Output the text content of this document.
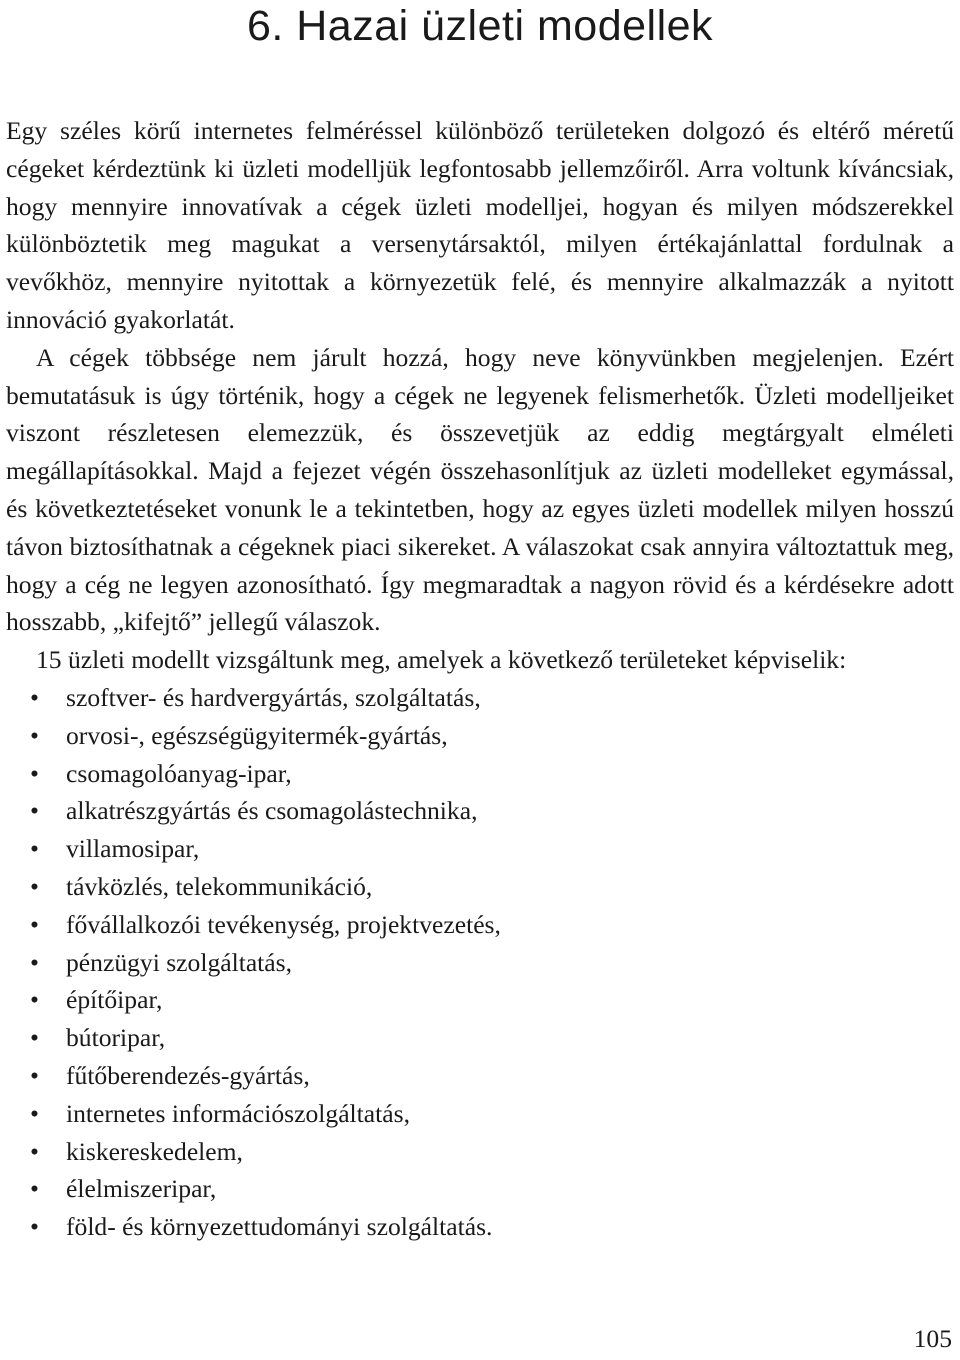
6. Hazai üzleti modellek

Egy széles körű internetes felméréssel különböző területeken dolgozó és eltérő méretű cégeket kérdeztünk ki üzleti modelljük legfontosabb jellemzőiről. Arra voltunk kíváncsiak, hogy mennyire innovatívak a cégek üzleti modelljei, hogyan és milyen módszerekkel különböztetik meg magukat a versenytársaktól, milyen értékajánlattal fordulnak a vevőkhöz, mennyire nyitottak a környezetük felé, és mennyire alkalmazzák a nyitott innováció gyakorlatát.

A cégek többsége nem járult hozzá, hogy neve könyvünkben megjelenjen. Ezért bemutatásuk is úgy történik, hogy a cégek ne legyenek felismerhetők. Üzleti modelljeiket viszont részletesen elemezzük, és összevetjük az eddig megtárgyalt elméleti megállapításokkal. Majd a fejezet végén összehasonlítjuk az üzleti modelleket egymással, és következtetéseket vonunk le a tekintetben, hogy az egyes üzleti modellek milyen hosszú távon biztosíthatnak a cégeknek piaci sikereket. A válaszokat csak annyira változtattuk meg, hogy a cég ne legyen azonosítható. Így megmaradtak a nagyon rövid és a kérdésekre adott hosszabb, „kifejtő” jellegű válaszok.

15 üzleti modellt vizsgáltunk meg, amelyek a következő területeket képviselik:

• szoftver- és hardvergyártás, szolgáltatás,
• orvosi-, egészségügyitermék-gyártás,
• csomagolóanyag-ipar,
• alkatrészgyártás és csomagolástechnika,
• villamosipar,
• távközlés, telekommunikáció,
• fővállalkozói tevékenység, projektvezetés,
• pénzügyi szolgáltatás,
• építőipar,
• bútoripar,
• fűtőberendezés-gyártás,
• internetes információszolgáltatás,
• kiskereskedelem,
• élelmiszeripar,
• föld- és környezettudományi szolgáltatás.
105
